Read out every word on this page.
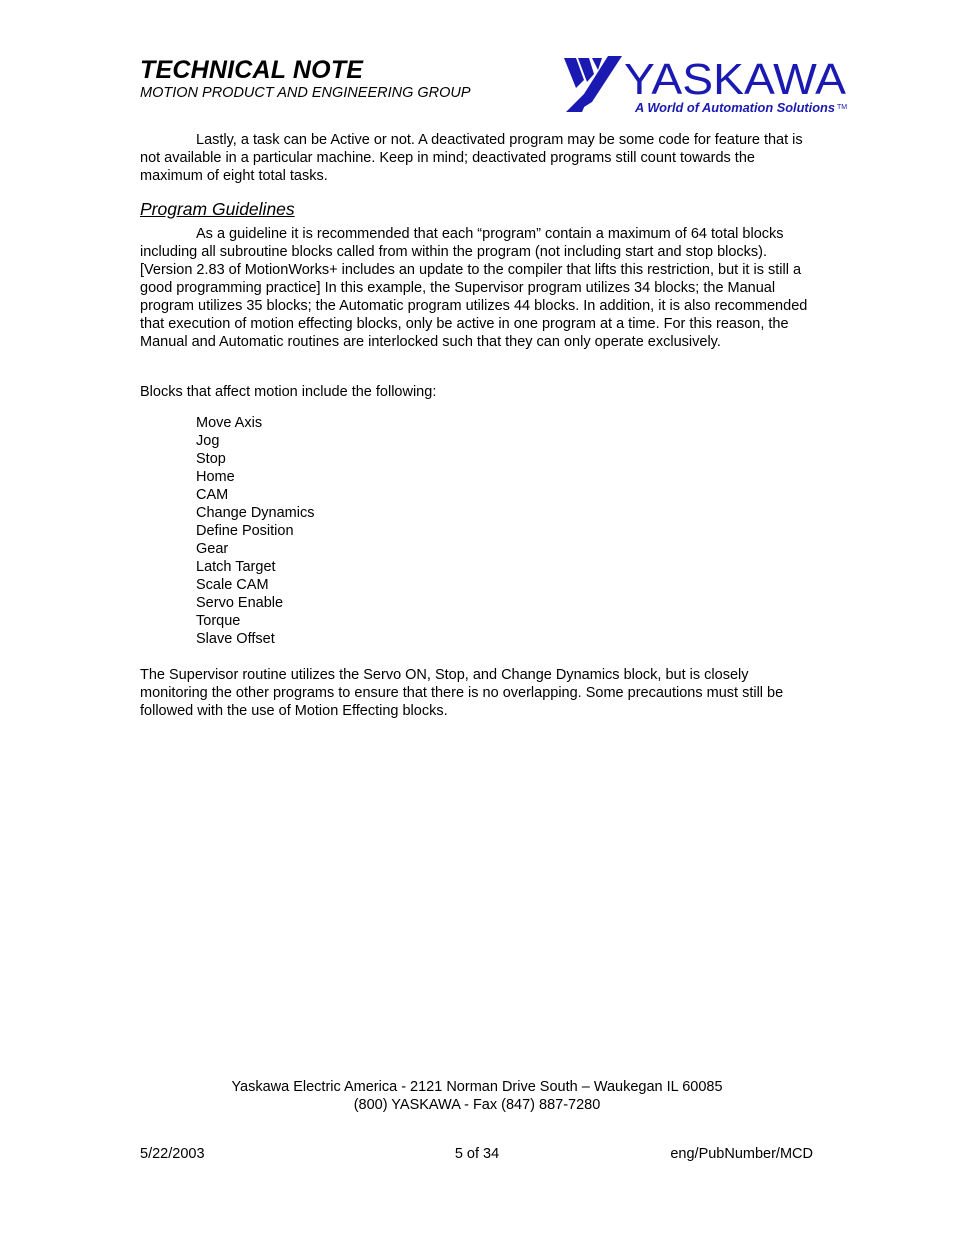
TECHNICAL NOTE
MOTION PRODUCT AND ENGINEERING GROUP	YASKAWA
A World of Automation Solutions TM

Lastly, a task can be Active or not. A deactivated program may be some code for feature that is not available in a particular machine. Keep in mind; deactivated programs still count towards the maximum of eight total tasks.

Program Guidelines

As a guideline it is recommended that each “program” contain a maximum of 64 total blocks including all subroutine blocks called from within the program (not including start and stop blocks). [Version 2.83 of MotionWorks+ includes an update to the compiler that lifts this restriction, but it is still a good programming practice] In this example, the Supervisor program utilizes 34 blocks; the Manual program utilizes 35 blocks; the Automatic program utilizes 44 blocks. In addition, it is also recommended that execution of motion effecting blocks, only be active in one program at a time. For this reason, the Manual and Automatic routines are interlocked such that they can only operate exclusively.

Blocks that affect motion include the following:

Move Axis
Jog
Stop
Home
CAM
Change Dynamics
Define Position
Gear
Latch Target
Scale CAM
Servo Enable
Torque
Slave Offset

The Supervisor routine utilizes the Servo ON, Stop, and Change Dynamics block, but is closely monitoring the other programs to ensure that there is no overlapping. Some precautions must still be followed with the use of Motion Effecting blocks.

Yaskawa Electric America - 2121 Norman Drive South – Waukegan IL 60085
(800) YASKAWA - Fax (847) 887-7280
5/22/2003	5 of 34	eng/PubNumber/MCD
